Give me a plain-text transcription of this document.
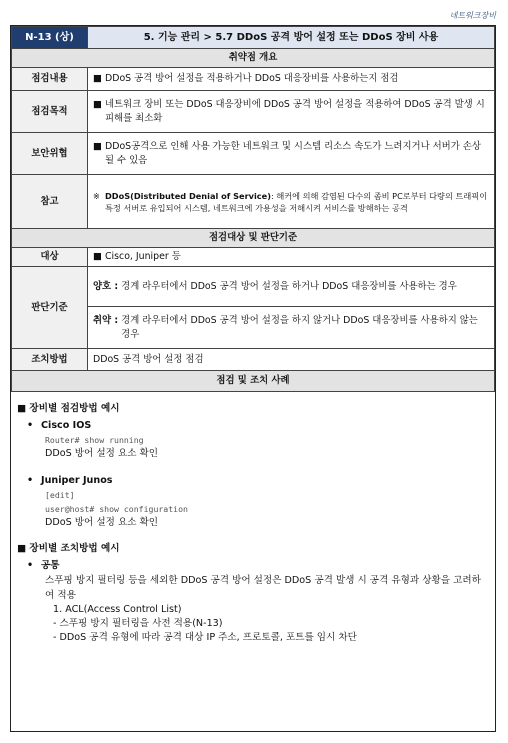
네트워크장비
N-13 (상)	5. 기능 관리 > 5.7 DDoS 공격 방어 설정 또는 DDoS 장비 사용
취약점 개요	
점검내용	■ DDoS 공격 방어 설정을 적용하거나 DDoS 대응장비를 사용하는지 점검

점검목적	■ 네트워크 장비 또는 DDoS 대응장비에 DDoS 공격 방어 설정을 적용하여 DDoS 공격 발생 시 피해를 최소화

보안위협	■ DDoS공격으로 인해 사용 가능한 네트워크 및 시스템 리소스 속도가 느려지거나 서버가 손상 될 수 있음

참고	※ DDoS(Distributed Denial of Service): 해커에 의해 감염된 다수의 좀비 PC로부터 다량의 트래픽이 특정 서버로 유입되어 시스템, 네트워크에 가용성을 저해시켜 서비스를 방해하는 공격

점검대상 및 판단기준	
대상	■ Cisco, Juniper 등

판단기준	양호 : 경계 라우터에서 DDoS 공격 방어 설정을 하거나 DDoS 대응장비를 사용하는 경우

	취약 : 경계 라우터에서 DDoS 공격 방어 설정을 하지 않거나 DDoS 대응장비를 사용하지 않는 경우

조치방법	DDoS 공격 방어 설정 점검
점검 및 조치 사례	
■ 장비별 점검방법 예시
• Cisco IOS
Router# show running
DDoS 방어 설정 요소 확인
• Juniper Junos
[edit]
user@host# show configuration
DDoS 방어 설정 요소 확인
■ 장비별 조치방법 예시
• 공통
스푸핑 방지 필터링 등을 세외한 DDoS 공격 방어 설정은 DDoS 공격 발생 시 공격 유형과 상황을 고려하여 적용
1. ACL(Access Control List)
- 스푸핑 방지 필터링을 사전 적용(N-13)
- DDoS 공격 유형에 따라 공격 대상 IP 주소, 프로토콜, 포트를 임시 차단
